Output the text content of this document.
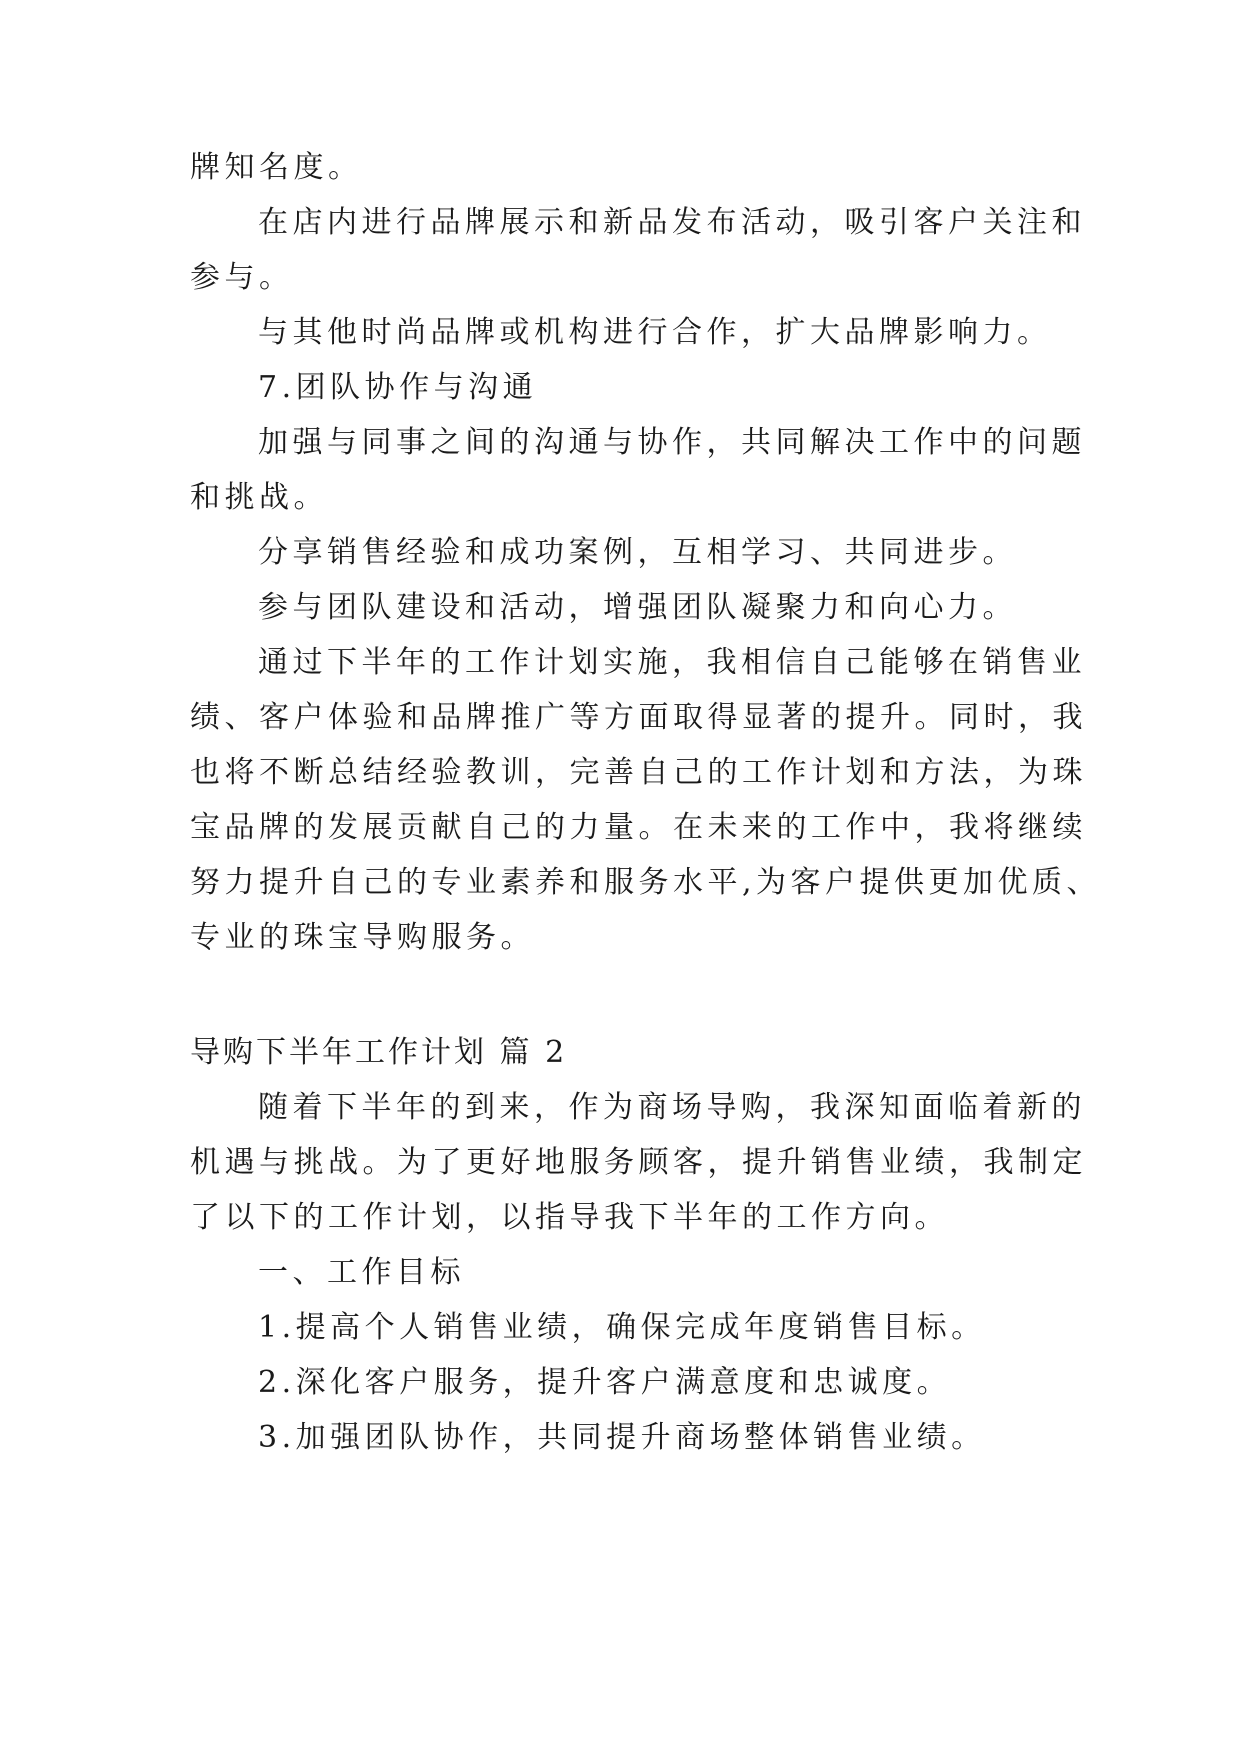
牌知名度。
在店内进行品牌展示和新品发布活动，吸引客户关注和
参与。
与其他时尚品牌或机构进行合作，扩大品牌影响力。
7.团队协作与沟通
加强与同事之间的沟通与协作，共同解决工作中的问题
和挑战。
分享销售经验和成功案例，互相学习、共同进步。
参与团队建设和活动，增强团队凝聚力和向心力。
通过下半年的工作计划实施，我相信自己能够在销售业
绩、客户体验和品牌推广等方面取得显著的提升。同时，我
也将不断总结经验教训，完善自己的工作计划和方法，为珠
宝品牌的发展贡献自己的力量。在未来的工作中，我将继续
努力提升自己的专业素养和服务水平,为客户提供更加优质、
专业的珠宝导购服务。
导购下半年工作计划 篇 2
随着下半年的到来，作为商场导购，我深知面临着新的
机遇与挑战。为了更好地服务顾客，提升销售业绩，我制定
了以下的工作计划，以指导我下半年的工作方向。
一、工作目标
1.提高个人销售业绩，确保完成年度销售目标。
2.深化客户服务，提升客户满意度和忠诚度。
3.加强团队协作，共同提升商场整体销售业绩。
